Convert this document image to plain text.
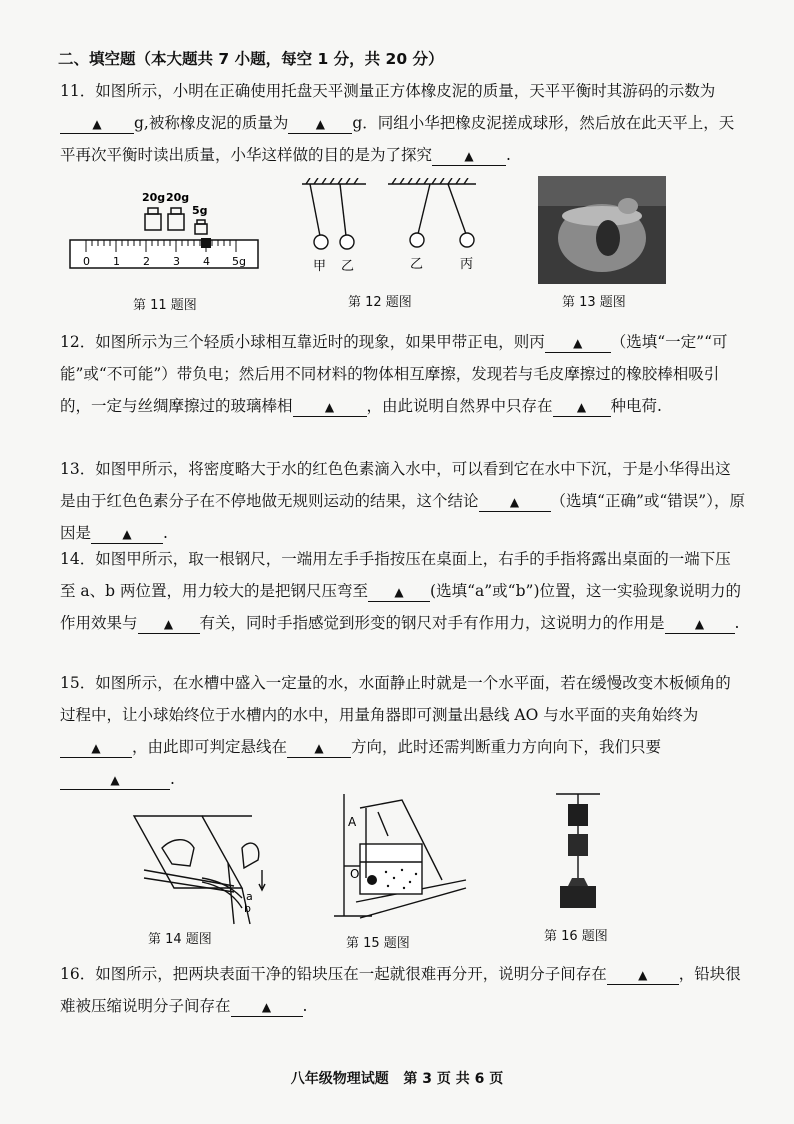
二、填空题（本大题共 7 小题，每空 1 分，共 20 分）
11．如图所示，小明在正确使用托盘天平测量正方体橡皮泥的质量，天平平衡时其游码的示数为▲ g,被称橡皮泥的质量为 ▲ g．同组小华把橡皮泥搓成球形，然后放在此天平上，天平再次平衡时读出质量，小华这样做的目的是为了探究	▲ .
20g 20g
5g
0 1 2 3 4 5g
第 11 题图
甲 乙	乙	丙
第 12 题图	第 13 题图
12．如图所示为三个轻质小球相互靠近时的现象，如果甲带正电，则丙 ▲ （选填“一定”“可能”或“不可能”）带负电；然后用不同材料的物体相互摩擦，发现若与毛皮摩擦过的橡胶棒相吸引的，一定与丝绸摩擦过的玻璃棒相	▲ ，由此说明自然界中只存在 ▲ 种电荷.
13．如图甲所示，将密度略大于水的红色色素滴入水中，可以看到它在水中下沉，于是小华得出这是由于红色色素分子在不停地做无规则运动的结果，这个结论	▲ （选填“正确”或“错误”），原因是	▲ .
14．如图甲所示，取一根钢尺，一端用左手手指按压在桌面上，右手的手指将露出桌面的一端下压至 a、b 两位置，用力较大的是把钢尺压弯至 ▲ (选填“a”或“b”)位置，这一实验现象说明力的作用效果与 ▲ 有关，同时手指感觉到形变的钢尺对手有作用力，这说明力的作用是	▲ .
15．如图所示，在水槽中盛入一定量的水，水面静止时就是一个水平面，若在缓慢改变木板倾角的过程中，让小球始终位于水槽内的水中，用量角器即可测量出悬线 AO 与水平面的夹角始终为▲ ，由此即可判定悬线在 ▲ 方向，此时还需判断重力方向向下，我们只要▲	.
a
b
第 14 题图
A
O
第 15 题图	第 16 题图
16．如图所示，把两块表面干净的铅块压在一起就很难再分开，说明分子间存在	▲ ，铅块很难被压缩说明分子间存在	▲ .
八年级物理试题 第 3 页 共 6 页
